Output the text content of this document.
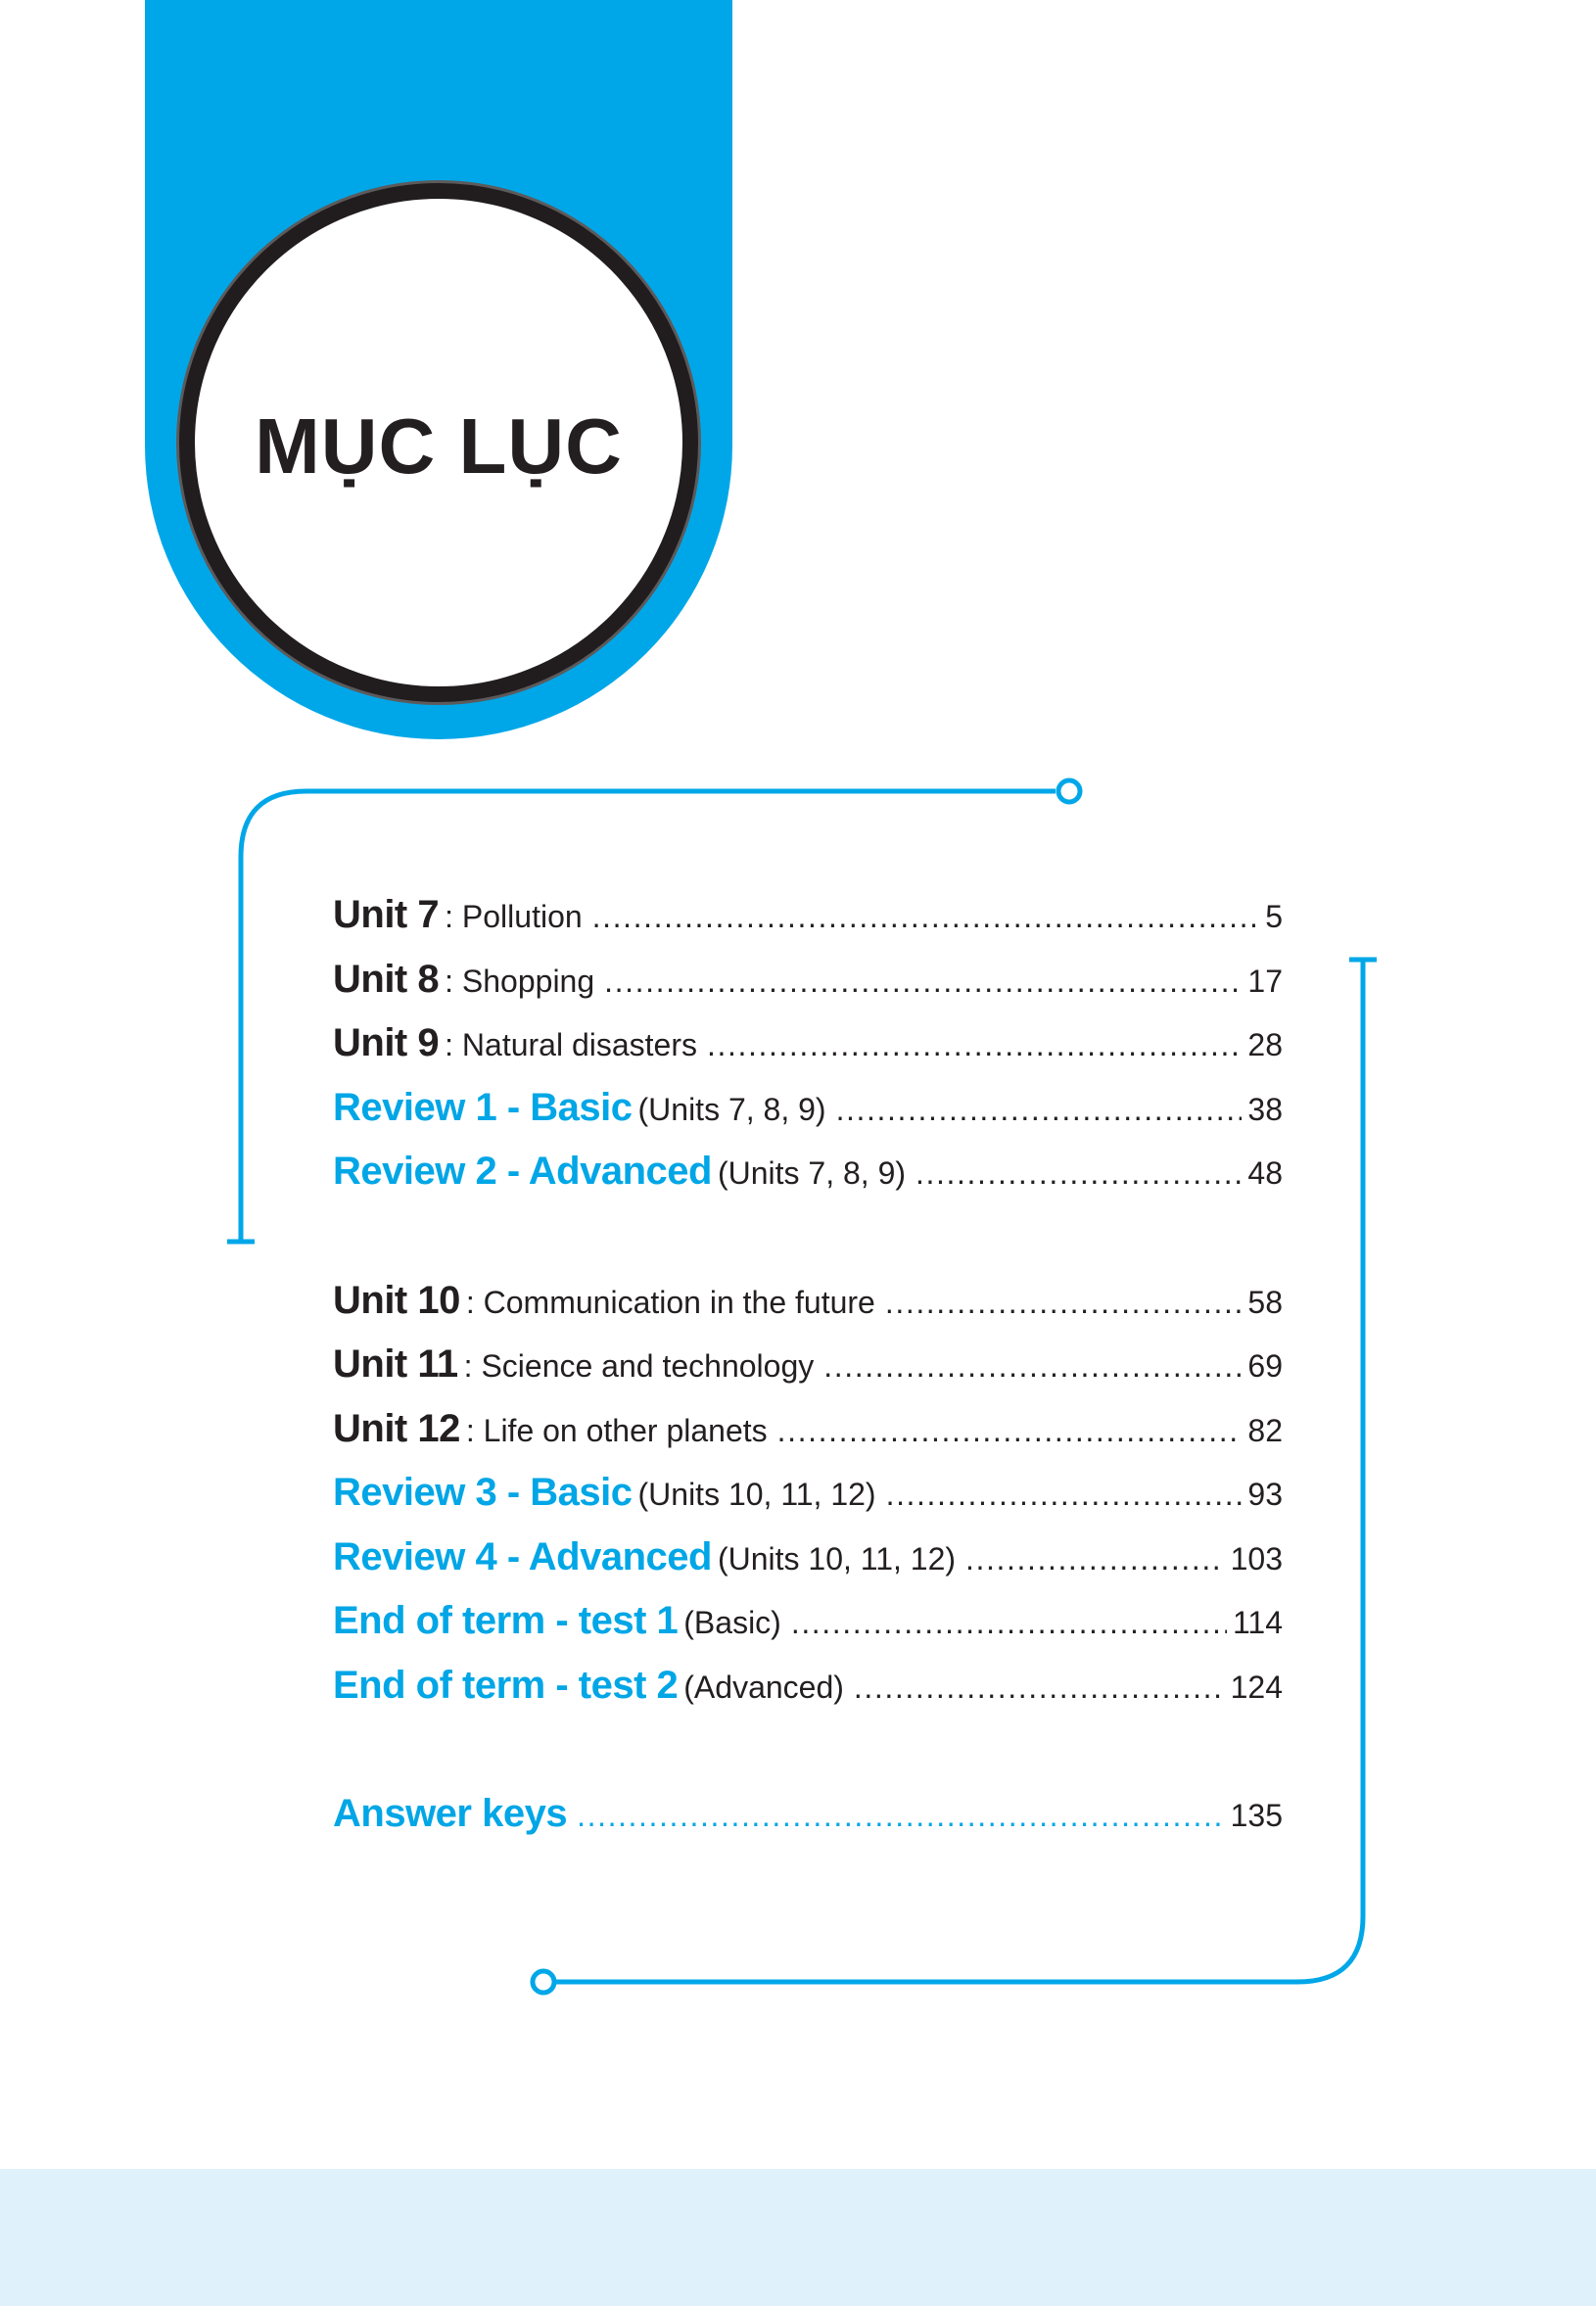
MỤC LỤC
Unit 7 : Pollution .....	5
Unit 8 : Shopping .....	17
Unit 9 : Natural disasters .....	28
Review 1 - Basic (Units 7, 8, 9) .....	38
Review 2 - Advanced (Units 7, 8, 9) .....	48
Unit 10 : Communication in the future .....	58
Unit 11 : Science and technology .....	69
Unit 12 : Life on other planets .....	82
Review 3 - Basic (Units 10, 11, 12) .....	93
Review 4 - Advanced (Units 10, 11, 12) .....	103
End of term - test 1 (Basic) .....	114
End of term - test 2 (Advanced) .....	124
Answer keys .....	135
